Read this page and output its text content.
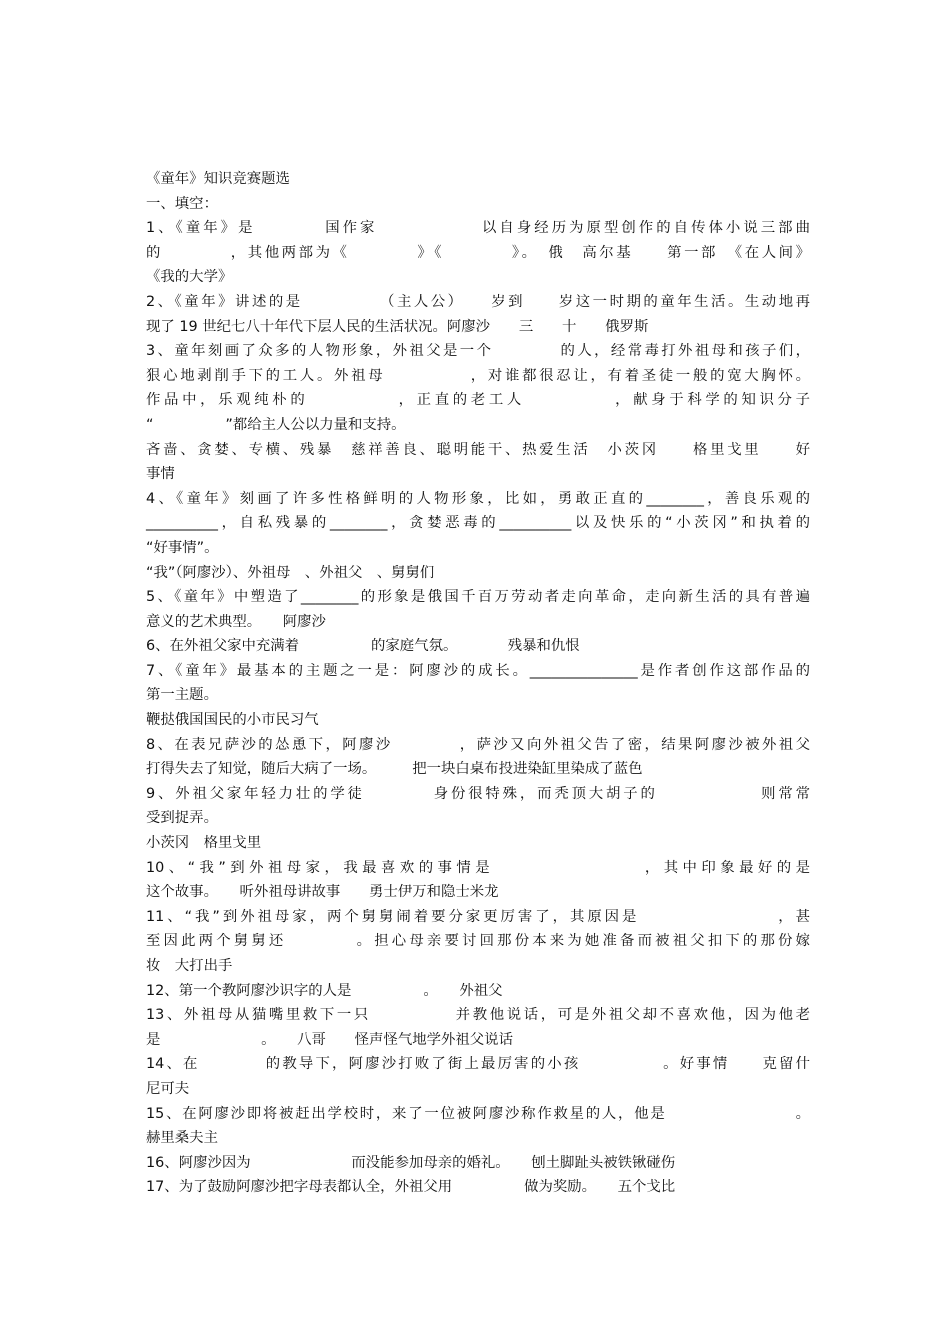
《童年》知识竞赛题选
一、填空：
1、《童年》是　　　　国作家　　　　　　以自身经历为原型创作的自传体小说三部曲
的　　　　，其他两部为《　　　　》《　　　　》。　俄　高尔基　　第一部　《在人间》
《我的大学》
2、《童年》讲述的是　　　　　（主人公）　　岁到　　岁这一时期的童年生活。生动地再
现了 19 世纪七八十年代下层人民的生活状况。阿廖沙　　三　　十　　俄罗斯
3、童年刻画了众多的人物形象，外祖父是一个　　　　的人，经常毒打外祖母和孩子们，
狠心地剥削手下的工人。外祖母　　　　　，对谁都很忍让，有着圣徒一般的宽大胸怀。
作品中，乐观纯朴的　　　　　，正直的老工人　　　　　，献身于科学的知识分子
“　　　　　”都给主人公以力量和支持。
吝啬、贪婪、专横、残暴　慈祥善良、聪明能干、热爱生活　小茨冈　　格里戈里　　好
事情
4、《童年》刻画了许多性格鲜明的人物形象，比如，勇敢正直的________，善良乐观的
__________，自私残暴的________，贪婪恶毒的__________以及快乐的“小茨冈”和执着的
“好事情”。
“我”（阿廖沙）、外祖母　、外祖父　、舅舅们
5、《童年》中塑造了________的形象是俄国千百万劳动者走向革命，走向新生活的具有普遍
意义的艺术典型。　　阿廖沙
6、在外祖父家中充满着　　　　　的家庭气氛。　　　　残暴和仇恨
7、《童年》最基本的主题之一是：阿廖沙的成长。_______________是作者创作这部作品的
第一主题。
鞭挞俄国国民的小市民习气
8、在表兄萨沙的怂恿下，阿廖沙　　　　，萨沙又向外祖父告了密，结果阿廖沙被外祖父
打得失去了知觉，随后大病了一场。　　　把一块白桌布投进染缸里染成了蓝色
9、外祖父家年轻力壮的学徒　　　　身份很特殊，而秃顶大胡子的　　　　　　则常常
受到捉弄。
小茨冈　格里戈里
10、“我”到外祖母家，我最喜欢的事情是　　　　　　　　，其中印象最好的是
这个故事。　　听外祖母讲故事　　勇士伊万和隐士米龙
11、“我”到外祖母家，两个舅舅闹着要分家更厉害了，其原因是　　　　　　　　，甚
至因此两个舅舅还　　　　。担心母亲要讨回那份本来为她准备而被祖父扣下的那份嫁
妆　大打出手
12、第一个教阿廖沙识字的人是　　　　　。　　外祖父
13、外祖母从猫嘴里救下一只　　　　　并教他说话，可是外祖父却不喜欢他，因为他老
是　　　　　　　。　　八哥　　怪声怪气地学外祖父说话
14、在　　　　的教导下，阿廖沙打败了街上最厉害的小孩　　　　　。好事情　　克留什
尼可夫
15、在阿廖沙即将被赶出学校时，来了一位被阿廖沙称作救星的人，他是　　　　　　　　。
赫里桑夫主
16、阿廖沙因为　　　　　　　而没能参加母亲的婚礼。　　刨土脚趾头被铁锹碰伤
17、为了鼓励阿廖沙把字母表都认全，外祖父用　　　　　做为奖励。　　五个戈比
